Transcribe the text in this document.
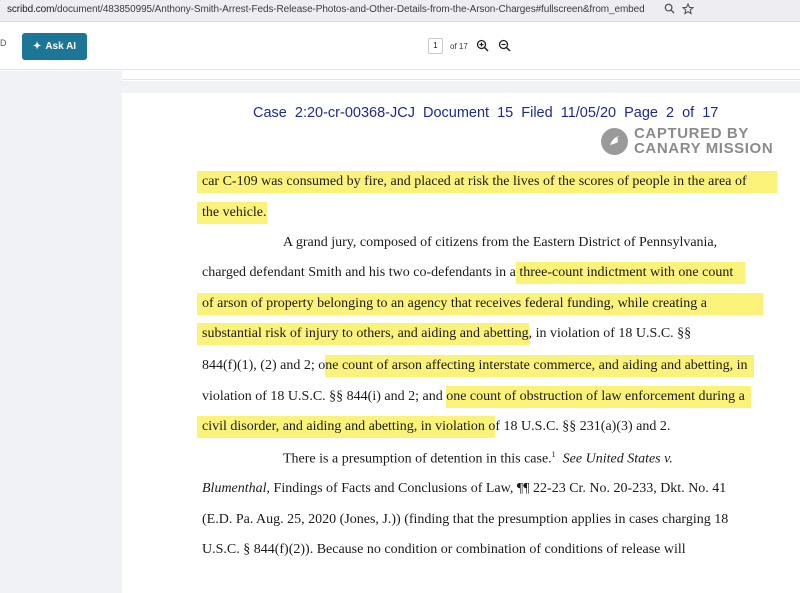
scribd.com/document/483850995/Anthony-Smith-Arrest-Feds-Release-Photos-and-Other-Details-from-the-Arson-Charges#fullscreen&from_embed
D	✦ Ask AI	1	of 17
Case 2:20-cr-00368-JCJ Document 15 Filed 11/05/20 Page 2 of 17
CAPTURED BY
CANARY MISSION
car C-109 was consumed by fire, and placed at risk the lives of the scores of people in the area of
the vehicle.
A grand jury, composed of citizens from the Eastern District of Pennsylvania,
charged defendant Smith and his two co-defendants in a three-count indictment with one count
of arson of property belonging to an agency that receives federal funding, while creating a
substantial risk of injury to others, and aiding and abetting, in violation of 18 U.S.C. §§
844(f)(1), (2) and 2; one count of arson affecting interstate commerce, and aiding and abetting, in
violation of 18 U.S.C. §§ 844(i) and 2; and one count of obstruction of law enforcement during a
civil disorder, and aiding and abetting, in violation of 18 U.S.C. §§ 231(a)(3) and 2.
There is a presumption of detention in this case.$^1$ See United States v.
Blumenthal, Findings of Facts and Conclusions of Law, ¶¶ 22-23 Cr. No. 20-233, Dkt. No. 41
(E.D. Pa. Aug. 25, 2020 (Jones, J.)) (finding that the presumption applies in cases charging 18
U.S.C. § 844(f)(2)). Because no condition or combination of conditions of release will
